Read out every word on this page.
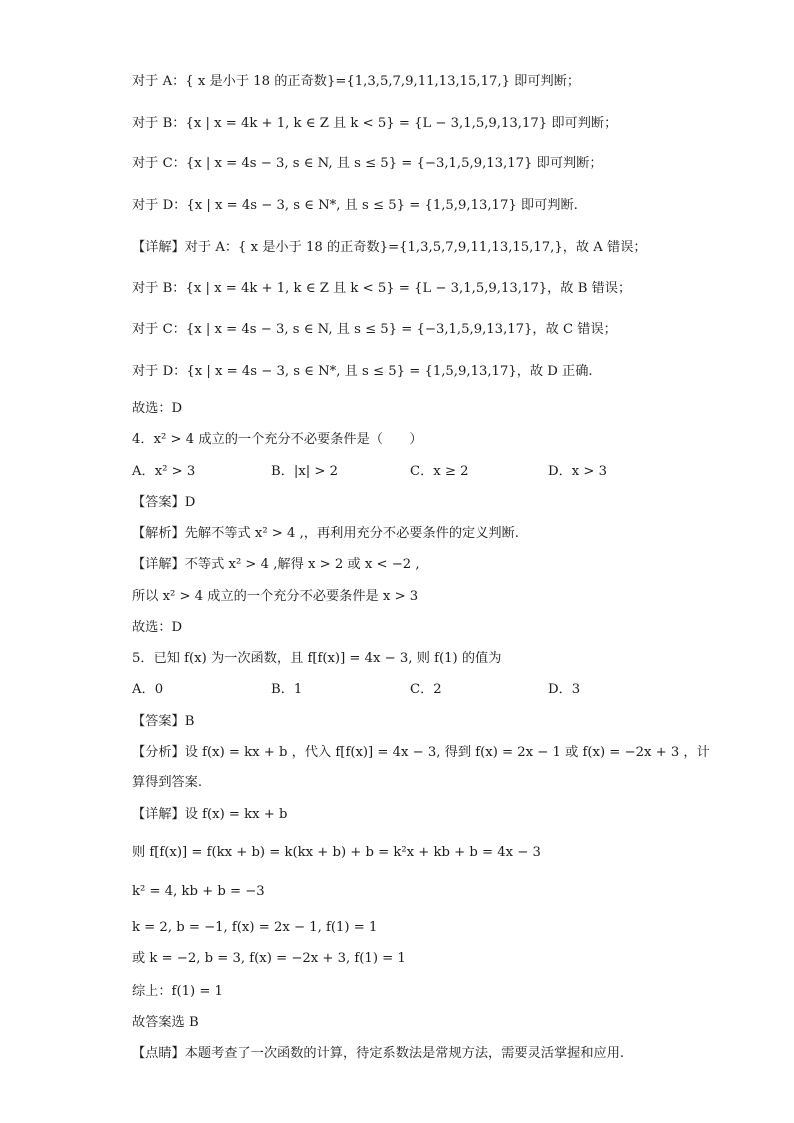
对于 A：{ x 是小于 18 的正奇数}={1,3,5,7,9,11,13,15,17,} 即可判断；
对于 B：{x | x = 4k + 1, k ∈ Z 且 k < 5} = {L − 3,1,5,9,13,17} 即可判断；
对于 C：{x | x = 4s − 3, s ∈ N, 且 s ≤ 5} = {−3,1,5,9,13,17} 即可判断；
对于 D：{x | x = 4s − 3, s ∈ N*, 且 s ≤ 5} = {1,5,9,13,17} 即可判断.
【详解】对于 A：{ x 是小于 18 的正奇数}={1,3,5,7,9,11,13,15,17,}，故 A 错误；
对于 B：{x | x = 4k + 1, k ∈ Z 且 k < 5} = {L − 3,1,5,9,13,17}，故 B 错误；
对于 C：{x | x = 4s − 3, s ∈ N, 且 s ≤ 5} = {−3,1,5,9,13,17}，故 C 错误；
对于 D：{x | x = 4s − 3, s ∈ N*, 且 s ≤ 5} = {1,5,9,13,17}，故 D 正确.
故选：D
4．x² > 4 成立的一个充分不必要条件是（　　）
A．x² > 3	B．|x| > 2	C．x ≥ 2	D．x > 3
【答案】D
【解析】先解不等式 x² > 4 ,，再利用充分不必要条件的定义判断.
【详解】不等式 x² > 4 ,解得 x > 2 或 x < −2 ,
所以 x² > 4 成立的一个充分不必要条件是 x > 3
故选：D
5．已知 f(x) 为一次函数，且 f[f(x)] = 4x − 3, 则 f(1) 的值为
A．0	B．1	C．2	D．3
【答案】B
【分析】设 f(x) = kx + b ，代入 f[f(x)] = 4x − 3, 得到 f(x) = 2x − 1 或 f(x) = −2x + 3 ，计
算得到答案.
【详解】设 f(x) = kx + b
则 f[f(x)] = f(kx + b) = k(kx + b) + b = k²x + kb + b = 4x − 3
k² = 4, kb + b = −3
k = 2, b = −1, f(x) = 2x − 1, f(1) = 1
或 k = −2, b = 3, f(x) = −2x + 3, f(1) = 1
综上：f(1) = 1
故答案选 B
【点睛】本题考查了一次函数的计算，待定系数法是常规方法，需要灵活掌握和应用.
